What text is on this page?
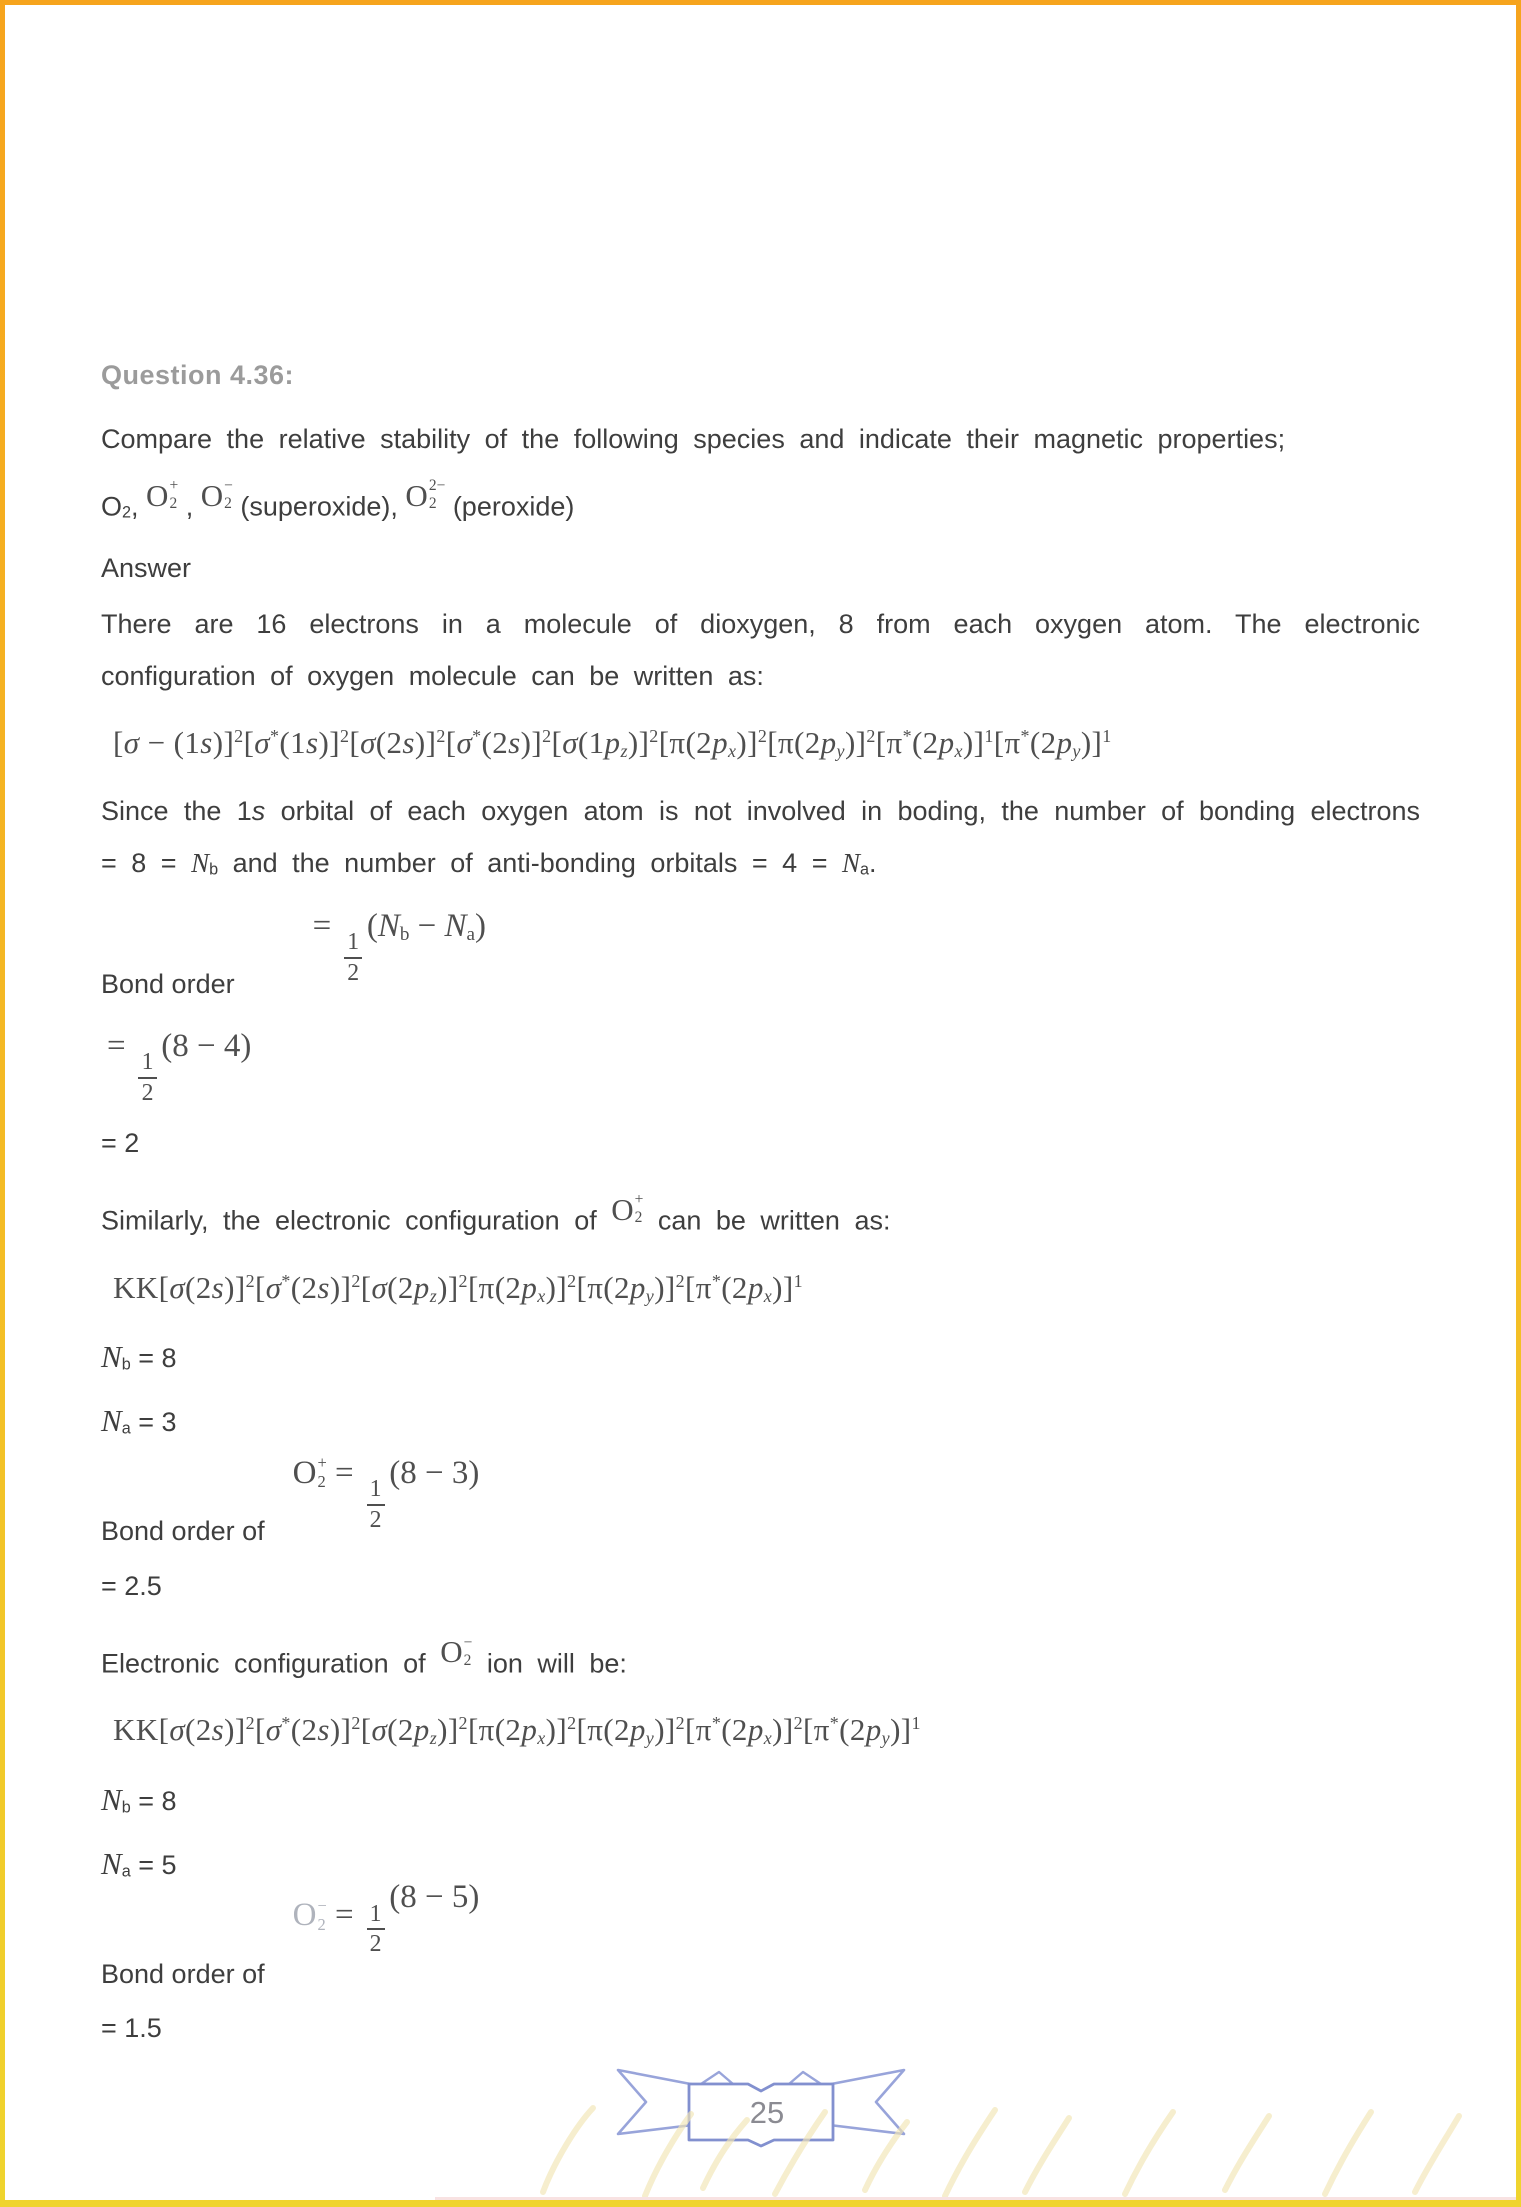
Question 4.36:

Compare the relative stability of the following species and indicate their magnetic properties;

O2, O +
2 , O −
2 (superoxide), O 2−
2 (peroxide)
Answer

There are 16 electrons in a molecule of dioxygen, 8 from each oxygen atom. The electronic configuration of oxygen molecule can be written as:

$[\sigma - (1s)]^2[\sigma^*(1s)]^2[\sigma(2s)]^2[\sigma^*(2s)]^2[\sigma(1pz)]^2[\pi(2px)]^2[\pi(2py)]^2[\pi^*(2px)]^1[\pi^*(2py)]^1$

Since the 1s orbital of each oxygen atom is not involved in boding, the number of bonding electrons = 8 = Nb and the number of anti-bonding orbitals = 4 = Na.

Bond order
=
$\frac{1}{2}$
(Nb − Na)
=
$\frac{1}{2}$
(8 − 4)
= 2

Similarly, the electronic configuration of O +
2 can be written as:

$KK[\sigma(2s)]^2[\sigma^*(2s)]^2[\sigma(2pz)]^2[\pi(2px)]^2[\pi(2py)]^2[\pi^*(2px)]^1$
Nb = 8
Na = 3
Bond order of
O +
2 =
$\frac{1}{2}$
(8 − 3)
= 2.5

Electronic configuration of O −
2 ion will be:

$KK[\sigma(2s)]^2[\sigma^*(2s)]^2[\sigma(2pz)]^2[\pi(2px)]^2[\pi(2py)]^2[\pi^*(2px)]^2[\pi^*(2py)]^1$
Nb = 8
Na = 5
Bond order of
O −
$2 = \frac{1}{2}$
(8 − 5)
= 1.5
25
